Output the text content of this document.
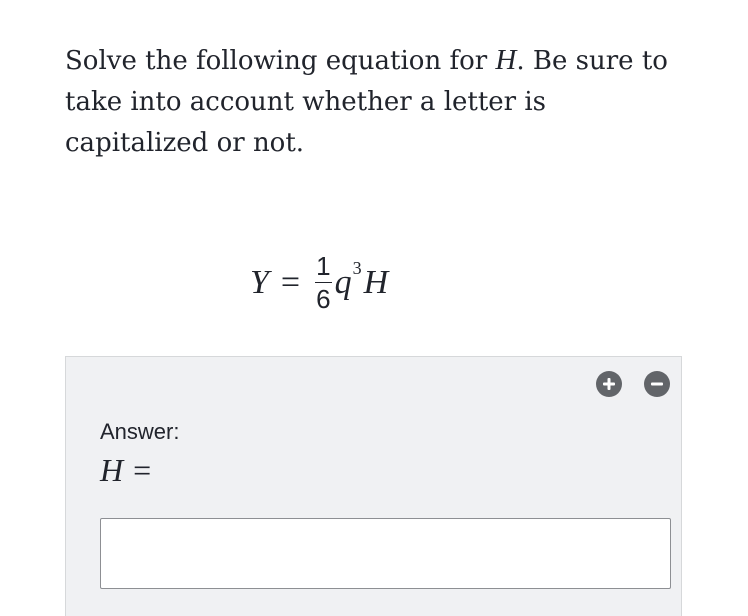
Solve the following equation for H. Be sure to take into account whether a letter is capitalized or not.

$Y = \frac{1}{6} q^3$ H
Answer:
H =
